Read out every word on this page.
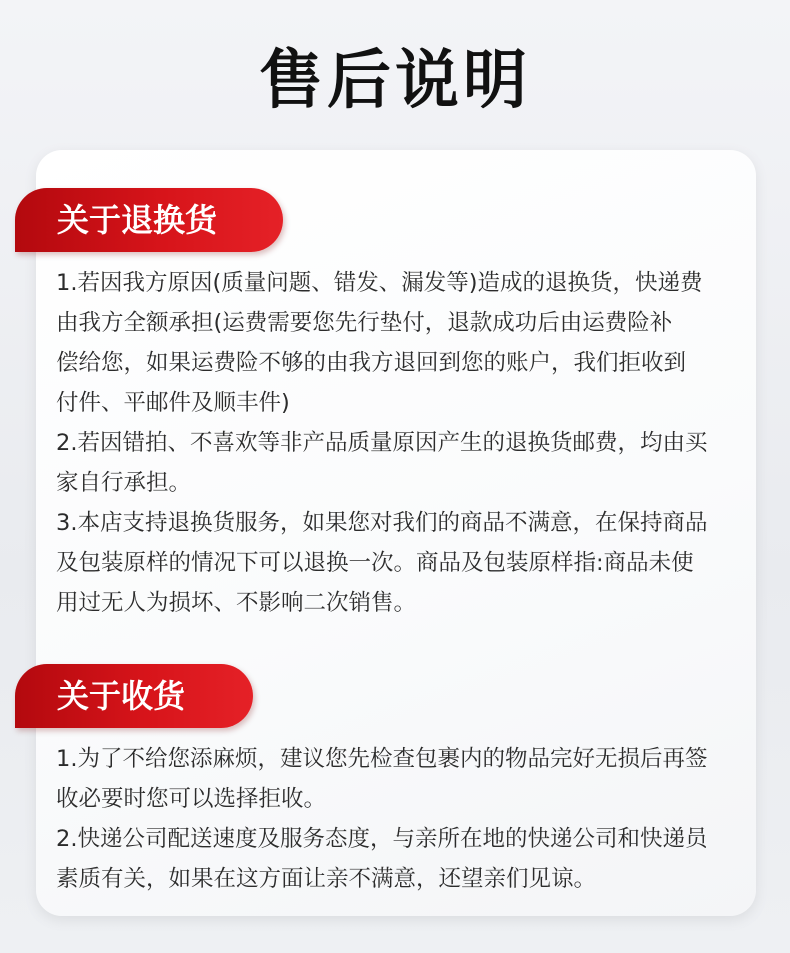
售后说明
关于退换货
1.若因我方原因(质量问题、错发、漏发等)造成的退换货，快递费
由我方全额承担(运费需要您先行垫付，退款成功后由运费险补
偿给您，如果运费险不够的由我方退回到您的账户，我们拒收到
付件、平邮件及顺丰件)
2.若因错拍、不喜欢等非产品质量原因产生的退换货邮费，均由买
家自行承担。
3.本店支持退换货服务，如果您对我们的商品不满意，在保持商品
及包装原样的情况下可以退换一次。商品及包装原样指:商品未使
用过无人为损坏、不影响二次销售。
关于收货
1.为了不给您添麻烦，建议您先检查包裹内的物品完好无损后再签
收必要时您可以选择拒收。
2.快递公司配送速度及服务态度，与亲所在地的快递公司和快递员
素质有关，如果在这方面让亲不满意，还望亲们见谅。
